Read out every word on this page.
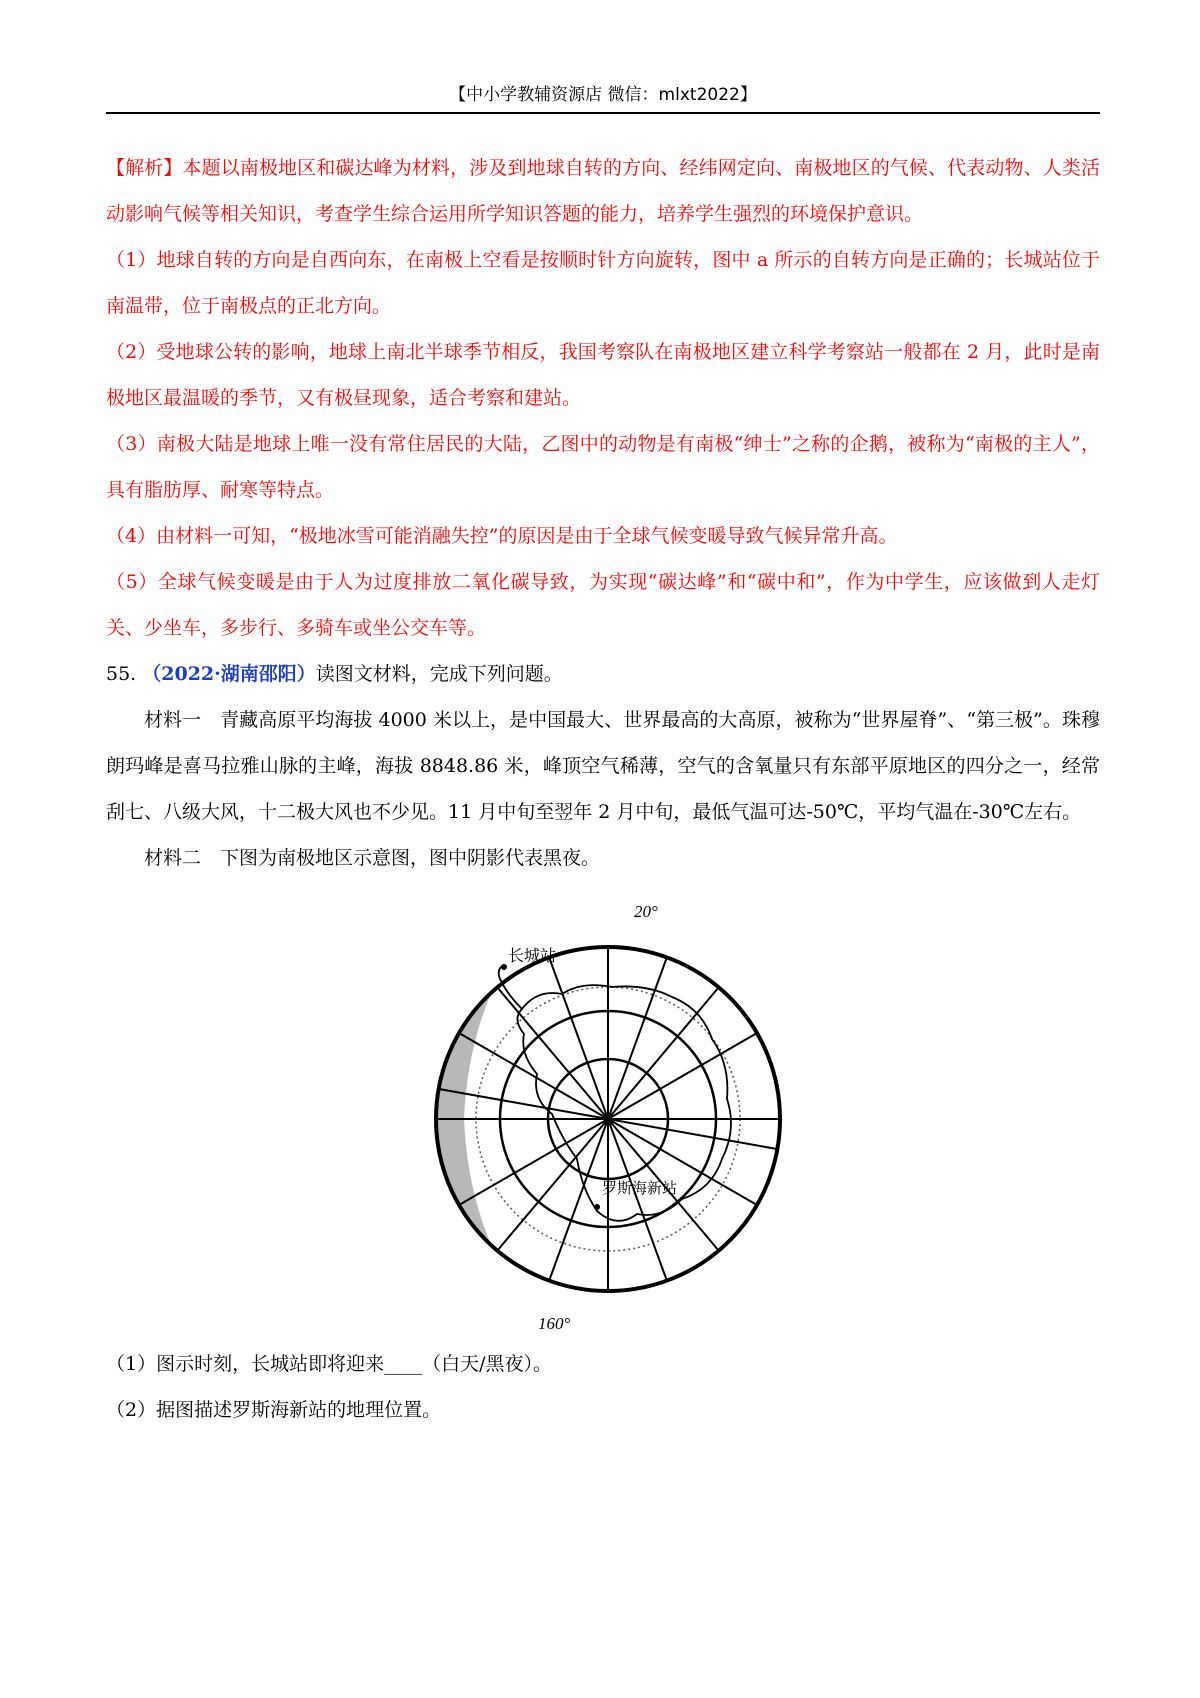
【中小学教辅资源店 微信：mlxt2022】

【解析】本题以南极地区和碳达峰为材料，涉及到地球自转的方向、经纬网定向、南极地区的气候、代表动物、人类活动影响气候等相关知识，考查学生综合运用所学知识答题的能力，培养学生强烈的环境保护意识。

（1）地球自转的方向是自西向东，在南极上空看是按顺时针方向旋转，图中 a 所示的自转方向是正确的；长城站位于南温带，位于南极点的正北方向。

（2）受地球公转的影响，地球上南北半球季节相反，我国考察队在南极地区建立科学考察站一般都在 2 月，此时是南极地区最温暖的季节，又有极昼现象，适合考察和建站。

（3）南极大陆是地球上唯一没有常住居民的大陆，乙图中的动物是有南极“绅士”之称的企鹅，被称为“南极的主人”，具有脂肪厚、耐寒等特点。

（4）由材料一可知，“极地冰雪可能消融失控”的原因是由于全球气候变暖导致气候异常升高。

（5）全球气候变暖是由于人为过度排放二氧化碳导致，为实现“碳达峰”和“碳中和”，作为中学生，应该做到人走灯关、少坐车，多步行、多骑车或坐公交车等。

55. （2022·湖南邵阳）读图文材料，完成下列问题。

材料一　青藏高原平均海拔 4000 米以上，是中国最大、世界最高的大高原，被称为“世界屋脊”、“第三极”。珠穆朗玛峰是喜马拉雅山脉的主峰，海拔 8848.86 米，峰顶空气稀薄，空气的含氧量只有东部平原地区的四分之一，经常刮七、八级大风，十二极大风也不少见。11 月中旬至翌年 2 月中旬，最低气温可达-50℃，平均气温在-30℃左右。

材料二　下图为南极地区示意图，图中阴影代表黑夜。

20°
160°
长城站
罗斯海新站

（1）图示时刻，长城站即将迎来____（白天/黑夜）。

（2）据图描述罗斯海新站的地理位置。
